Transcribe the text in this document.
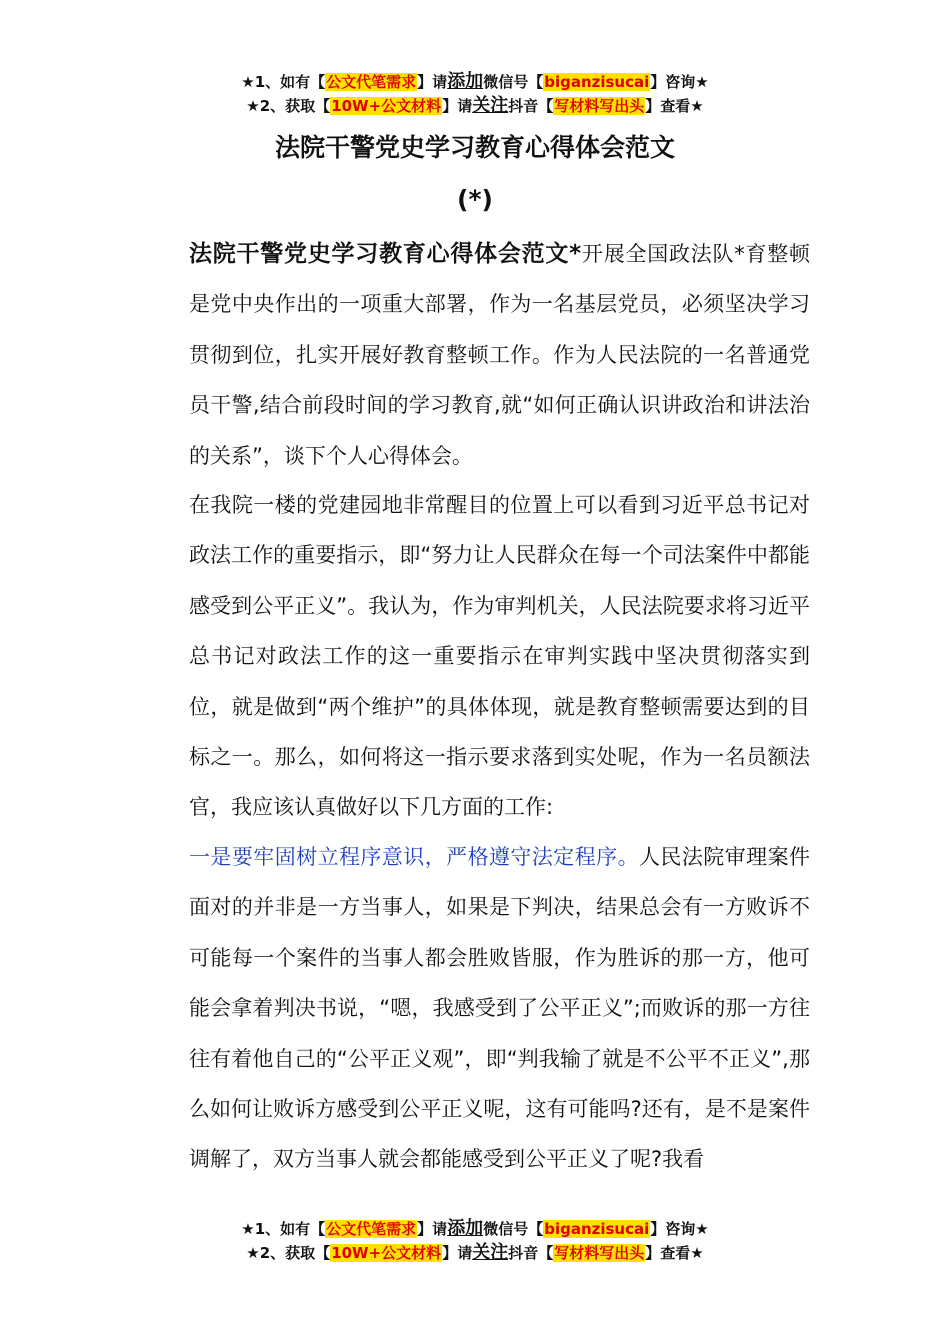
★1、如有【公文代笔需求】请添加微信号【biganzisucai】咨询★
★2、获取【10W+公文材料】请关注抖音【写材料写出头】查看★
法院干警党史学习教育心得体会范文
(*)

法院干警党史学习教育心得体会范文*开展全国政法队*育整顿是党中央作出的一项重大部署，作为一名基层党员，必须坚决学习贯彻到位，扎实开展好教育整顿工作。作为人民法院的一名普通党员干警,结合前段时间的学习教育,就“如何正确认识讲政治和讲法治的关系”，谈下个人心得体会。

在我院一楼的党建园地非常醒目的位置上可以看到习近平总书记对政法工作的重要指示，即“努力让人民群众在每一个司法案件中都能感受到公平正义”。我认为，作为审判机关，人民法院要求将习近平总书记对政法工作的这一重要指示在审判实践中坚决贯彻落实到位，就是做到“两个维护”的具体体现，就是教育整顿需要达到的目标之一。那么，如何将这一指示要求落到实处呢，作为一名员额法官，我应该认真做好以下几方面的工作:

一是要牢固树立程序意识，严格遵守法定程序。人民法院审理案件面对的并非是一方当事人，如果是下判决，结果总会有一方败诉不可能每一个案件的当事人都会胜败皆服，作为胜诉的那一方，他可能会拿着判决书说，“嗯，我感受到了公平正义”;而败诉的那一方往往有着他自己的“公平正义观”，即“判我输了就是不公平不正义”,那么如何让败诉方感受到公平正义呢，这有可能吗?还有，是不是案件调解了，双方当事人就会都能感受到公平正义了呢?我看

★1、如有【公文代笔需求】请添加微信号【biganzisucai】咨询★
★2、获取【10W+公文材料】请关注抖音【写材料写出头】查看★
